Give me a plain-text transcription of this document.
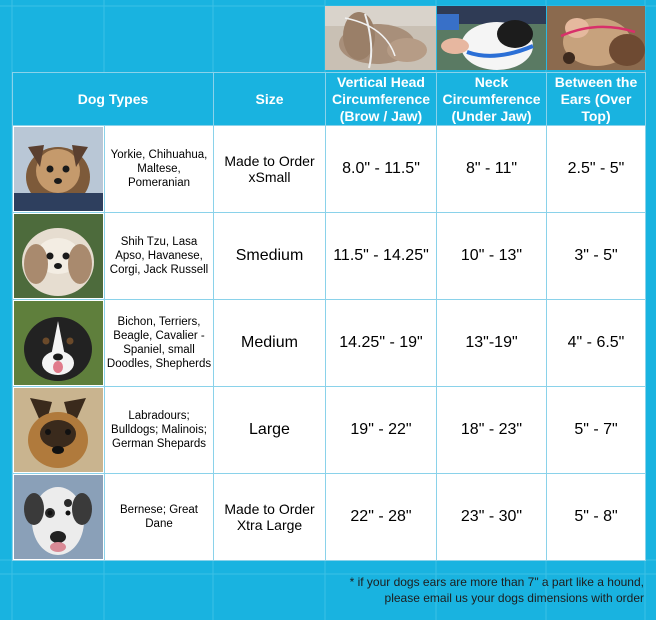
Dog Types		Size	Vertical Head Circumference (Brow / Jaw)	Neck Circumference (Under Jaw)	Between the Ears (Over Top)

	Yorkie, Chihuahua, Maltese, Pomeranian	Made to Order xSmall	8.0" - 11.5"	8" - 11"	2.5" - 5"

	Shih Tzu, Lasa Apso, Havanese, Corgi, Jack Russell	Smedium	11.5" - 14.25"	10" - 13"	3" - 5"

	Bichon, Terriers, Beagle, Cavalier - Spaniel, small Doodles, Shepherds	Medium	14.25" - 19"	13"-19"	4" - 6.5"

	Labradours; Bulldogs; Malinois; German Shepards	Large	19" - 22"	18" - 23"	5" - 7"

	Bernese; Great Dane	Made to Order Xtra Large	22" - 28"	23" - 30"	5" - 8"
* if your dogs ears are more than 7" a part like a hound, please email us your dogs dimensions with order
